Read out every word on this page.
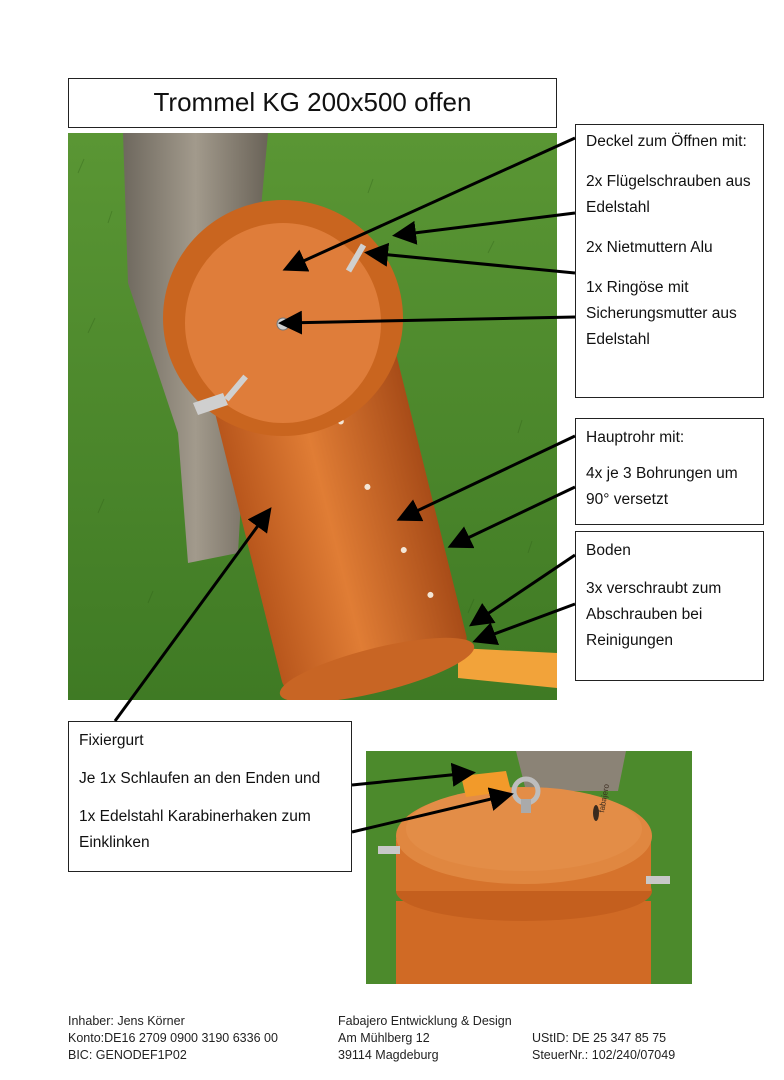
Trommel KG 200x500 offen
fabajero

Deckel zum Öffnen mit:

2x Flügelschrauben aus Edelstahl

2x Nietmuttern Alu

1x Ringöse mit Sicherungsmutter aus Edelstahl

Hauptrohr mit:

4x je 3 Bohrungen um 90° versetzt

Boden

3x verschraubt zum Abschrauben bei Reinigungen

Fixiergurt

Je 1x Schlaufen an den Enden und

1x Edelstahl Karabinerhaken zum Einklinken

Inhaber: Jens Körner
Konto:DE16 2709 0900 3190 6336 00
BIC: GENODEF1P02
Fabajero Entwicklung & Design
Am Mühlberg 12
39114 Magdeburg
UStID: DE 25 347 85 75
SteuerNr.: 102/240/07049
